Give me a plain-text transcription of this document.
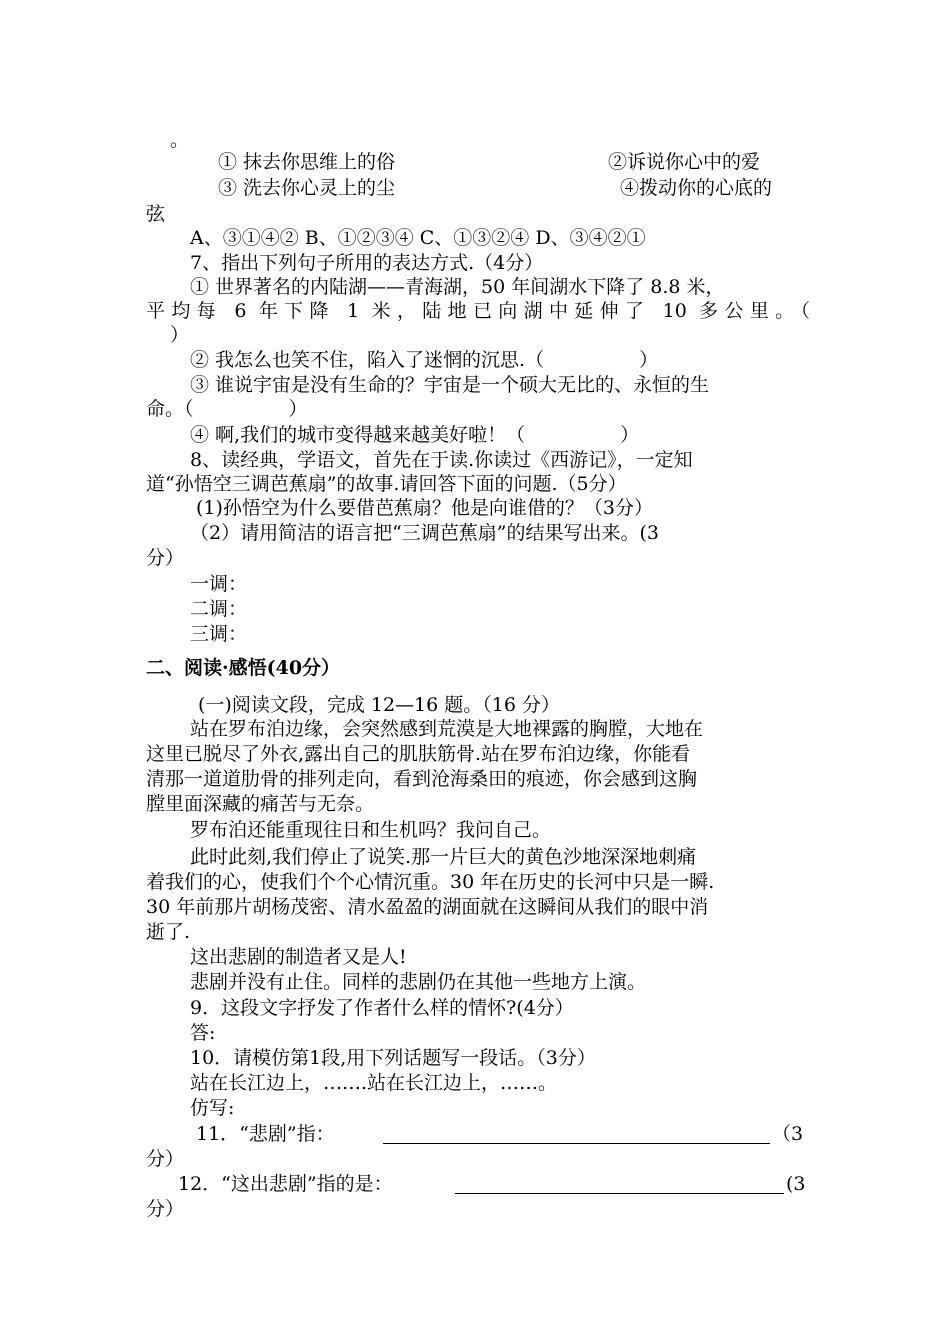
。
① 抹去你思维上的俗	②诉说你心中的爱
③ 洗去你心灵上的尘	④拨动你的心底的
弦
A、③①④② B、①②③④ C、①③②④ D、③④②①
7、指出下列句子所用的表达方式.（4分）
① 世界著名的内陆湖——青海湖，50 年间湖水下降了 8.8 米，
平均每 6 年下降 1 米，陆地已向湖中延伸了 10 多公里。（
）
② 我怎么也笑不住，陷入了迷惘的沉思.（　　　　　）
③ 谁说宇宙是没有生命的？宇宙是一个硕大无比的、永恒的生
命。（　　　　　）
④ 啊,我们的城市变得越来越美好啦！（　　　　　）
8、读经典，学语文，首先在于读.你读过《西游记》，一定知
道“孙悟空三调芭蕉扇”的故事.请回答下面的问题.（5分）
(1)孙悟空为什么要借芭蕉扇？他是向谁借的？（3分）
（2）请用简洁的语言把“三调芭蕉扇”的结果写出来。(3
分）
一调：
二调：
三调：
二、阅读·感悟(40分）
(一)阅读文段，完成 12—16 题。（16 分）
站在罗布泊边缘，会突然感到荒漠是大地裸露的胸膛，大地在
这里已脱尽了外衣,露出自己的肌肤筋骨.站在罗布泊边缘，你能看
清那一道道肋骨的排列走向，看到沧海桑田的痕迹，你会感到这胸
膛里面深藏的痛苦与无奈。
罗布泊还能重现往日和生机吗？我问自己。
此时此刻,我们停止了说笑.那一片巨大的黄色沙地深深地刺痛
着我们的心，使我们个个心情沉重。30 年在历史的长河中只是一瞬.
30 年前那片胡杨茂密、清水盈盈的湖面就在这瞬间从我们的眼中消
逝了.
这出悲剧的制造者又是人!
悲剧并没有止住。同样的悲剧仍在其他一些地方上演。
9．这段文字抒发了作者什么样的情怀?(4分）
答:
10．请模仿第1段,用下列话题写一段话。（3分）
站在长江边上，…….站在长江边上，……。
仿写:
11．“悲剧”指：	（3
分）
12．“这出悲剧”指的是：	(3
分）
